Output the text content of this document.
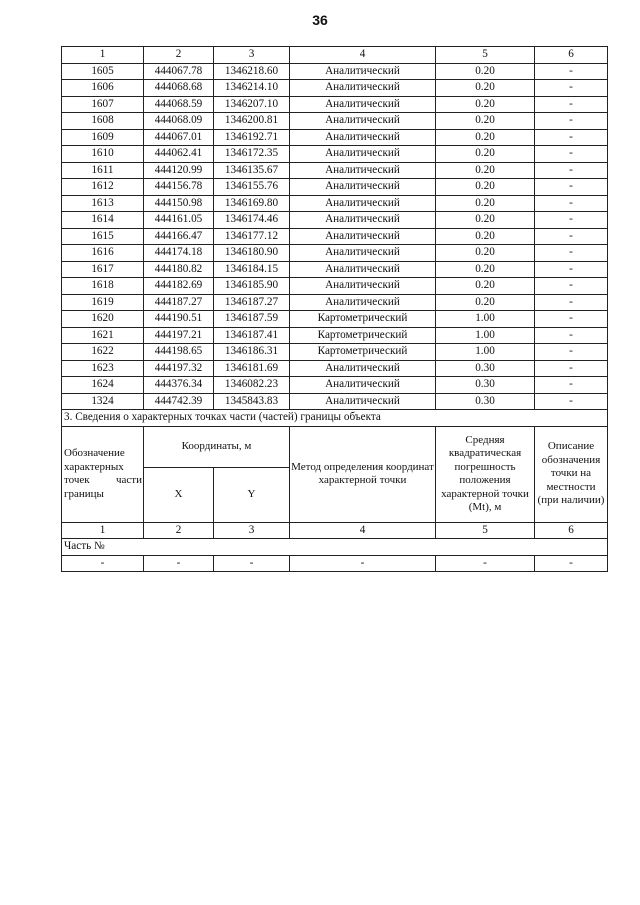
36
1	2	3	4	5	6
1605	444067.78	1346218.60	Аналитический	0.20	-
1606	444068.68	1346214.10	Аналитический	0.20	-
1607	444068.59	1346207.10	Аналитический	0.20	-
1608	444068.09	1346200.81	Аналитический	0.20	-
1609	444067.01	1346192.71	Аналитический	0.20	-
1610	444062.41	1346172.35	Аналитический	0.20	-
1611	444120.99	1346135.67	Аналитический	0.20	-
1612	444156.78	1346155.76	Аналитический	0.20	-
1613	444150.98	1346169.80	Аналитический	0.20	-
1614	444161.05	1346174.46	Аналитический	0.20	-
1615	444166.47	1346177.12	Аналитический	0.20	-
1616	444174.18	1346180.90	Аналитический	0.20	-
1617	444180.82	1346184.15	Аналитический	0.20	-
1618	444182.69	1346185.90	Аналитический	0.20	-
1619	444187.27	1346187.27	Аналитический	0.20	-
1620	444190.51	1346187.59	Картометрический	1.00	-
1621	444197.21	1346187.41	Картометрический	1.00	-
1622	444198.65	1346186.31	Картометрический	1.00	-
1623	444197.32	1346181.69	Аналитический	0.30	-
1624	444376.34	1346082.23	Аналитический	0.30	-
1324	444742.39	1345843.83	Аналитический	0.30	-
3. Сведения о характерных точках части (частей) границы объекта					
Обозначение характерных точек части границы	Координаты, м		Метод определения координат характерной точки	Средняя квадратическая погрешность положения характерной точки (Mt), м	Описание обозначения точки на местности (при наличии)
	X	Y			
1	2	3	4	5	6
Часть №					
-	-	-	-	-	-
